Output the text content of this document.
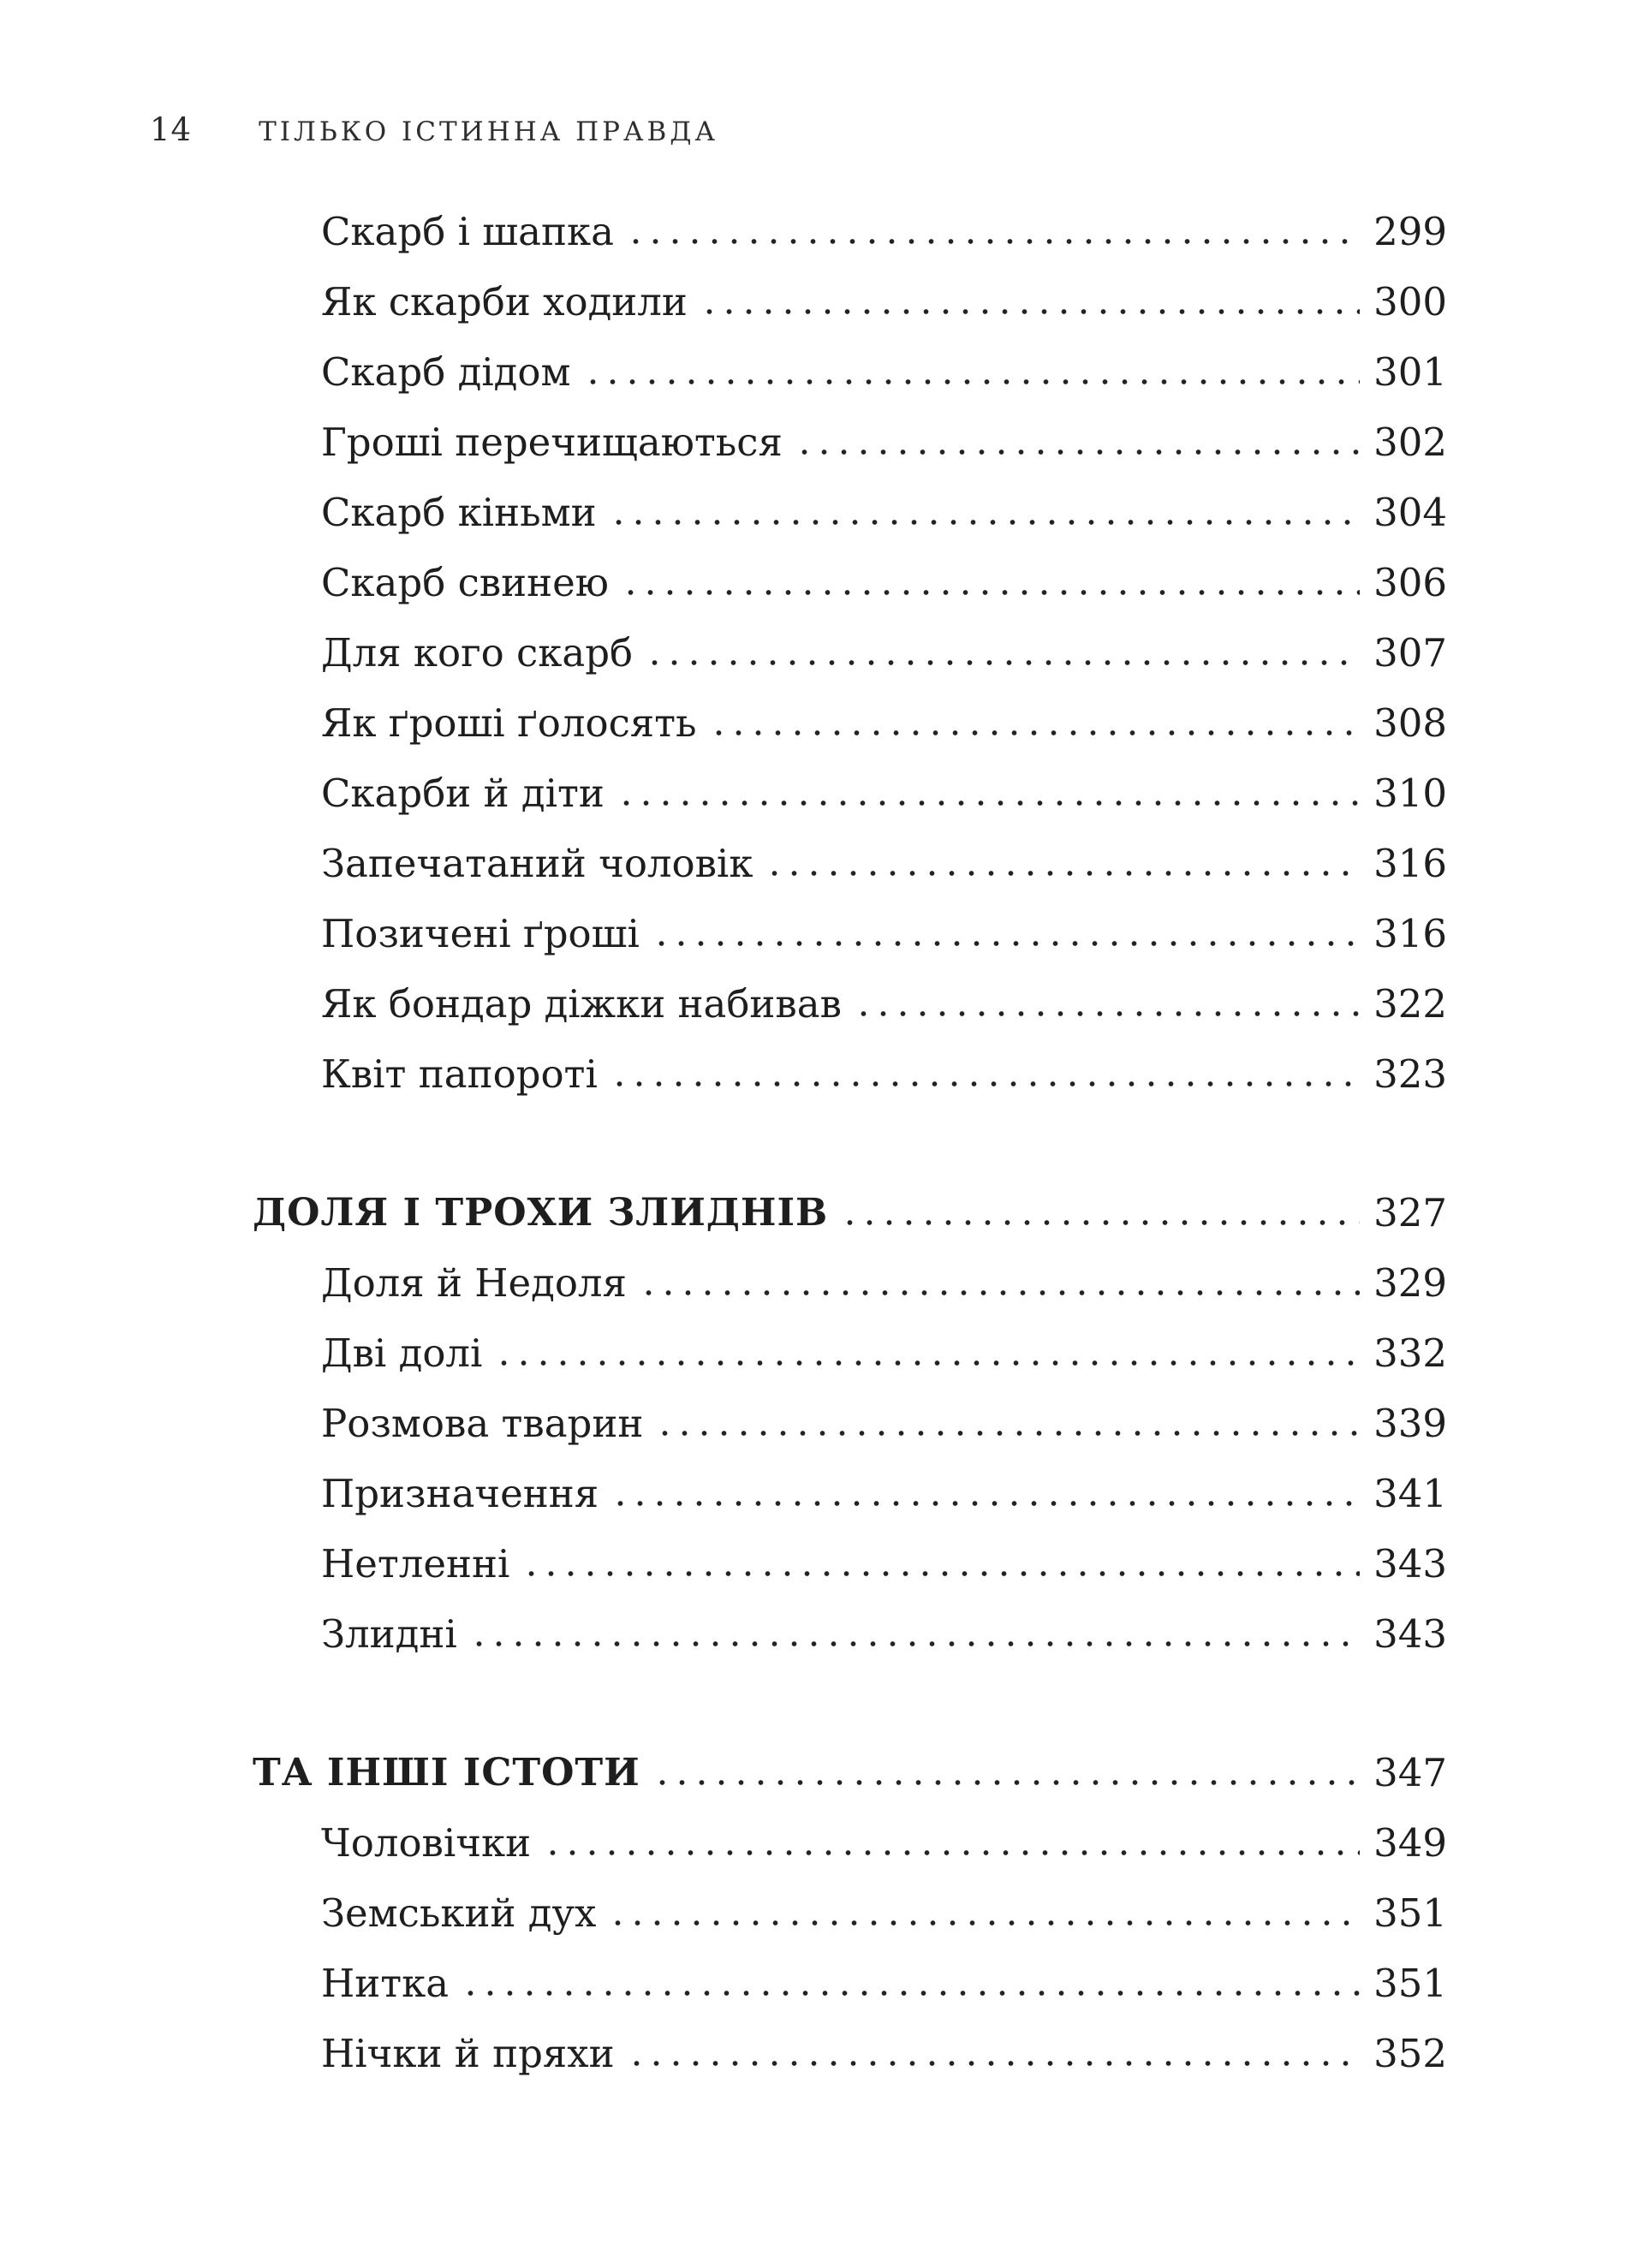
14	ТІЛЬКО ІСТИННА ПРАВДА
Скарб і шапка	299
Як скарби ходили	300
Скарб дідом	301
Гроші перечищаються	302
Скарб кіньми	304
Скарб свинею	306
Для кого скарб	307
Як ґроші ґолосять	308
Скарби й діти	310
Запечатаний чоловік	316
Позичені ґроші	316
Як бондар діжки набивав	322
Квіт папороті	323
ДОЛЯ І ТРОХИ ЗЛИДНІВ	327
Доля й Недоля	329
Дві долі	332
Розмова тварин	339
Призначення	341
Нетленні	343
Злидні	343
ТА ІНШІ ІСТОТИ	347
Чоловічки	349
Земський дух	351
Нитка	351
Нічки й пряхи	352
